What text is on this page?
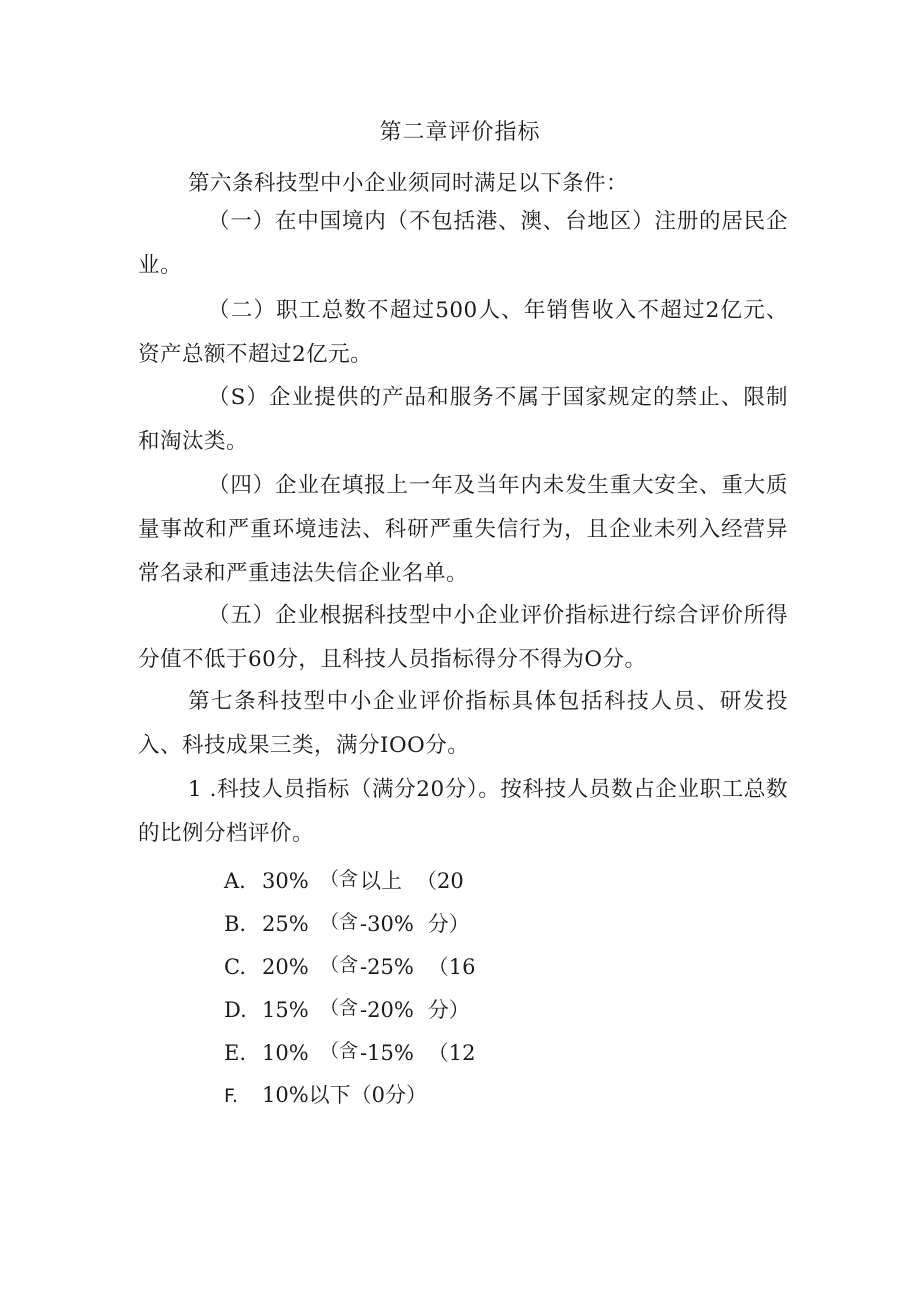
第二章评价指标

第六条科技型中小企业须同时满足以下条件：

（一）在中国境内（不包括港、澳、台地区）注册的居民企业。

（二）职工总数不超过500人、年销售收入不超过2亿元、资产总额不超过2亿元。

（S）企业提供的产品和服务不属于国家规定的禁止、限制和淘汰类。

（四）企业在填报上一年及当年内未发生重大安全、重大质量事故和严重环境违法、科研严重失信行为，且企业未列入经营异常名录和严重违法失信企业名单。

（五）企业根据科技型中小企业评价指标进行综合评价所得分值不低于60分，且科技人员指标得分不得为O分。

第七条科技型中小企业评价指标具体包括科技人员、研发投入、科技成果三类，满分IOO分。

1 .科技人员指标（满分20分）。按科技人员数占企业职工总数的比例分档评价。

A. 30% （含以上 （20
B. 25% （含-30% 分）
C. 20% （含-25% （16
D. 15% （含-20% 分）
E. 10% （含-15% （12
F. 10%以下（0分）
